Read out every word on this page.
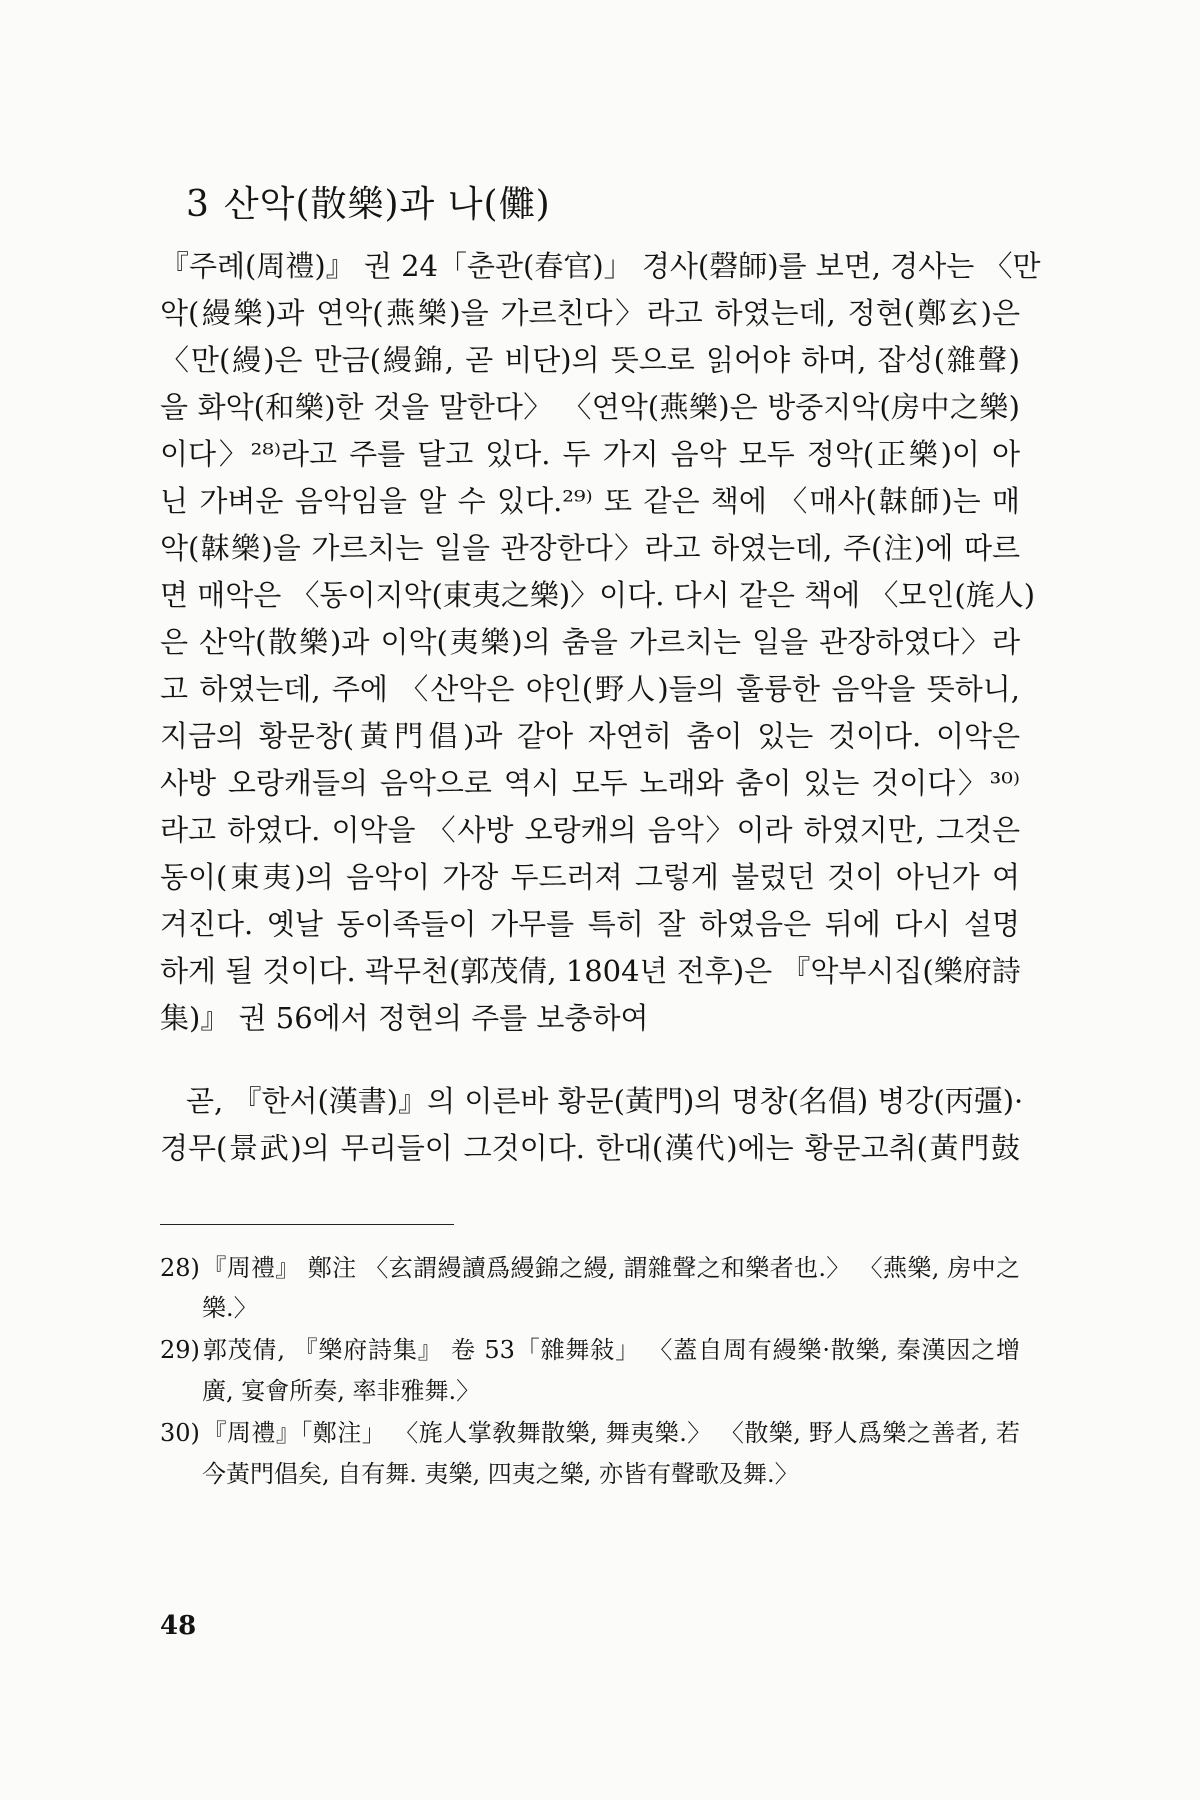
3 산악(散樂)과 나(儺)
『주례(周禮)』 권 24「춘관(春官)」 경사(磬師)를 보면, 경사는 〈만
악(縵樂)과 연악(燕樂)을 가르친다〉라고 하였는데, 정현(鄭玄)은
〈만(縵)은 만금(縵錦, 곧 비단)의 뜻으로 읽어야 하며, 잡성(雜聲)
을 화악(和樂)한 것을 말한다〉 〈연악(燕樂)은 방중지악(房中之樂)
이다〉²⁸⁾라고 주를 달고 있다. 두 가지 음악 모두 정악(正樂)이 아
닌 가벼운 음악임을 알 수 있다.²⁹⁾ 또 같은 책에 〈매사(韎師)는 매
악(韎樂)을 가르치는 일을 관장한다〉라고 하였는데, 주(注)에 따르
면 매악은 〈동이지악(東夷之樂)〉이다. 다시 같은 책에 〈모인(旄人)
은 산악(散樂)과 이악(夷樂)의 춤을 가르치는 일을 관장하였다〉라
고 하였는데, 주에 〈산악은 야인(野人)들의 훌륭한 음악을 뜻하니,
지금의 황문창(黃門倡)과 같아 자연히 춤이 있는 것이다. 이악은
사방 오랑캐들의 음악으로 역시 모두 노래와 춤이 있는 것이다〉³⁰⁾
라고 하였다. 이악을 〈사방 오랑캐의 음악〉이라 하였지만, 그것은
동이(東夷)의 음악이 가장 두드러져 그렇게 불렀던 것이 아닌가 여
겨진다. 옛날 동이족들이 가무를 특히 잘 하였음은 뒤에 다시 설명
하게 될 것이다. 곽무천(郭茂倩, 1804년 전후)은 『악부시집(樂府詩
集)』 권 56에서 정현의 주를 보충하여
곧, 『한서(漢書)』의 이른바 황문(黃門)의 명창(名倡) 병강(丙彊)·
경무(景武)의 무리들이 그것이다. 한대(漢代)에는 황문고취(黃門鼓
28)『周禮』 鄭注 〈玄謂縵讀爲縵錦之縵, 謂雜聲之和樂者也.〉 〈燕樂, 房中之
樂.〉
29)郭茂倩, 『樂府詩集』 卷 53「雜舞敍」 〈蓋自周有縵樂·散樂, 秦漢因之增
廣, 宴會所奏, 率非雅舞.〉
30)『周禮』「鄭注」 〈旄人掌敎舞散樂, 舞夷樂.〉 〈散樂, 野人爲樂之善者, 若
今黃門倡矣, 自有舞. 夷樂, 四夷之樂, 亦皆有聲歌及舞.〉
48
